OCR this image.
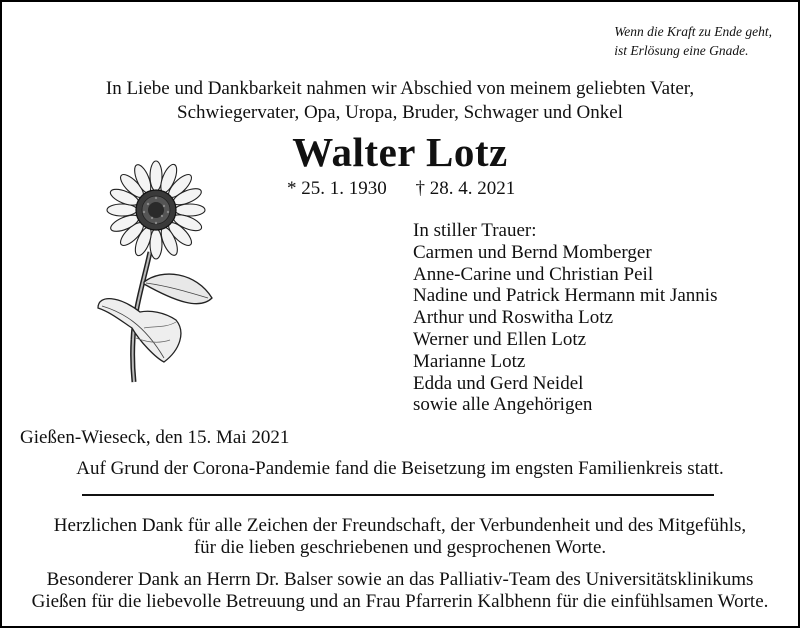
Wenn die Kraft zu Ende geht,
ist Erlösung eine Gnade.
In Liebe und Dankbarkeit nahmen wir Abschied von meinem geliebten Vater,
Schwiegervater, Opa, Uropa, Bruder, Schwager und Onkel
Walter Lotz
* 25. 1. 1930 † 28. 4. 2021
In stiller Trauer:
Carmen und Bernd Momberger
Anne-Carine und Christian Peil
Nadine und Patrick Hermann mit Jannis
Arthur und Roswitha Lotz
Werner und Ellen Lotz
Marianne Lotz
Edda und Gerd Neidel
sowie alle Angehörigen
Gießen-Wieseck, den 15. Mai 2021
Auf Grund der Corona-Pandemie fand die Beisetzung im engsten Familienkreis statt.
Herzlichen Dank für alle Zeichen der Freundschaft, der Verbundenheit und des Mitgefühls,
für die lieben geschriebenen und gesprochenen Worte.
Besonderer Dank an Herrn Dr. Balser sowie an das Palliativ-Team des Universitätsklinikums
Gießen für die liebevolle Betreuung und an Frau Pfarrerin Kalbhenn für die einfühlsamen Worte.
